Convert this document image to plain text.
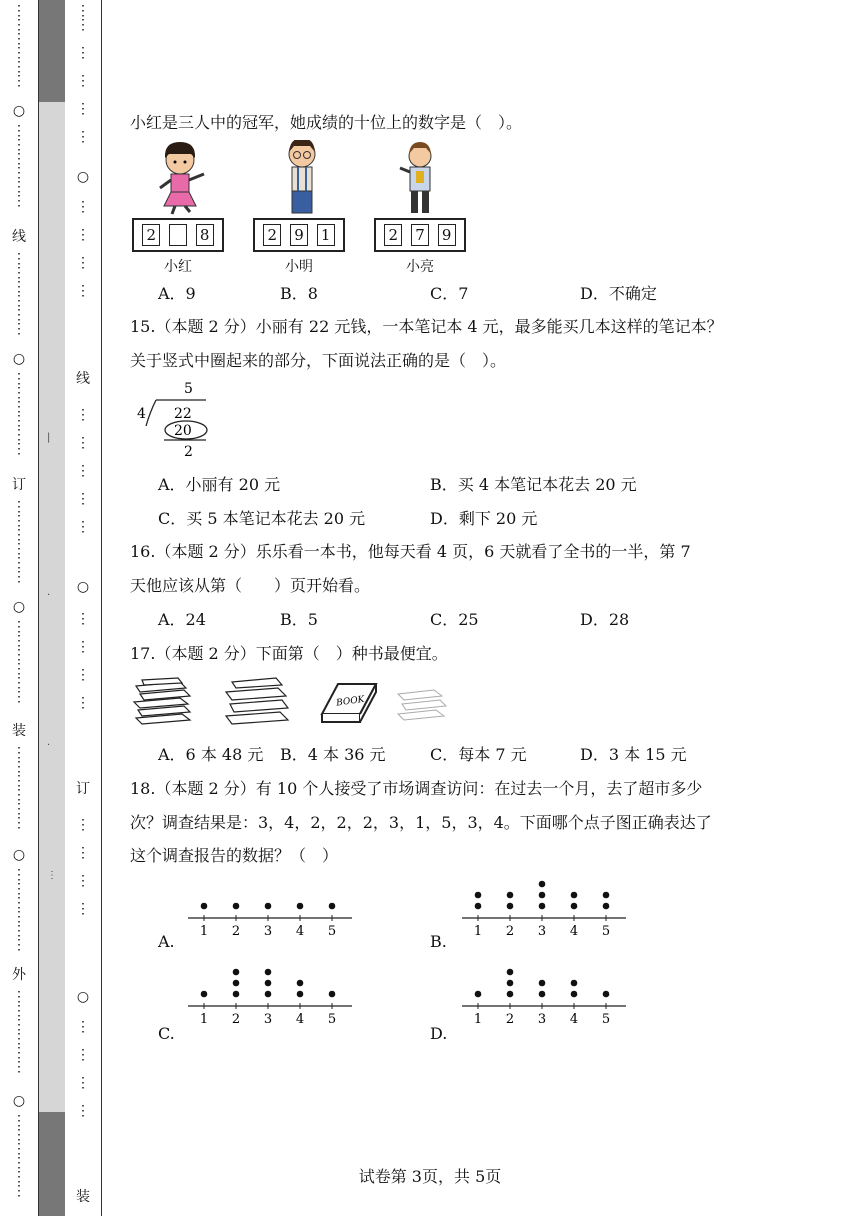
⋮
⋮
⋮
⋮
⋮
⋮
○
⋮
⋮
⋮
⋮
⋮
⋮
线
⋮
⋮
⋮
⋮
⋮
⋮
○
⋮
⋮
⋮
⋮
⋮
⋮
订
⋮
⋮
⋮
⋮
⋮
⋮
○
⋮
⋮
⋮
⋮
⋮
⋮
装
⋮
⋮
⋮
⋮
⋮
⋮
○
⋮
⋮
⋮
⋮
⋮
⋮
外
⋮
⋮
⋮
⋮
⋮
⋮
○
⋮
⋮
⋮
⋮
⋮
⋮
|
·
·
⋮
⋮
⋮

⋮

⋮

⋮

⋮
○
⋮

⋮

⋮

⋮
线
⋮

⋮

⋮

⋮

⋮
○
⋮

⋮

⋮

⋮
订
⋮

⋮

⋮

⋮
○
⋮

⋮

⋮

⋮
装
小红是三人中的冠军，她成绩的十位上的数字是（　）。
2	8
小红
2 9 1
小明
2 7 9
小亮
A．9	B．8	C．7	D．不确定
15.（本题 2 分）小丽有 22 元钱，一本笔记本 4 元，最多能买几本这样的笔记本？
关于竖式中圈起来的部分，下面说法正确的是（　）。
5
4 22
20
2
A．小丽有 20 元	B．买 4 本笔记本花去 20 元
C．买 5 本笔记本花去 20 元	D．剩下 20 元
16.（本题 2 分）乐乐看一本书，他每天看 4 页，6 天就看了全书的一半，第 7
天他应该从第（　　）页开始看。
A．24	B．5	C．25	D．28
17.（本题 2 分）下面第（　）种书最便宜。
BOOK
A．6 本 48 元 B．4 本 36 元	C．每本 7 元	D．3 本 15 元
18.（本题 2 分）有 10 个人接受了市场调查访问：在过去一个月，去了超市多少
次？调查结果是：3，4，2，2，2，3，1，5，3，4。下面哪个点子图正确表达了
这个调查报告的数据？（　）
A.
1 2 3 4 5
B.
1 2 3 4 5
C.
1 2 3 4 5
D.
1 2 3 4 5
试卷第 3页，共 5页
